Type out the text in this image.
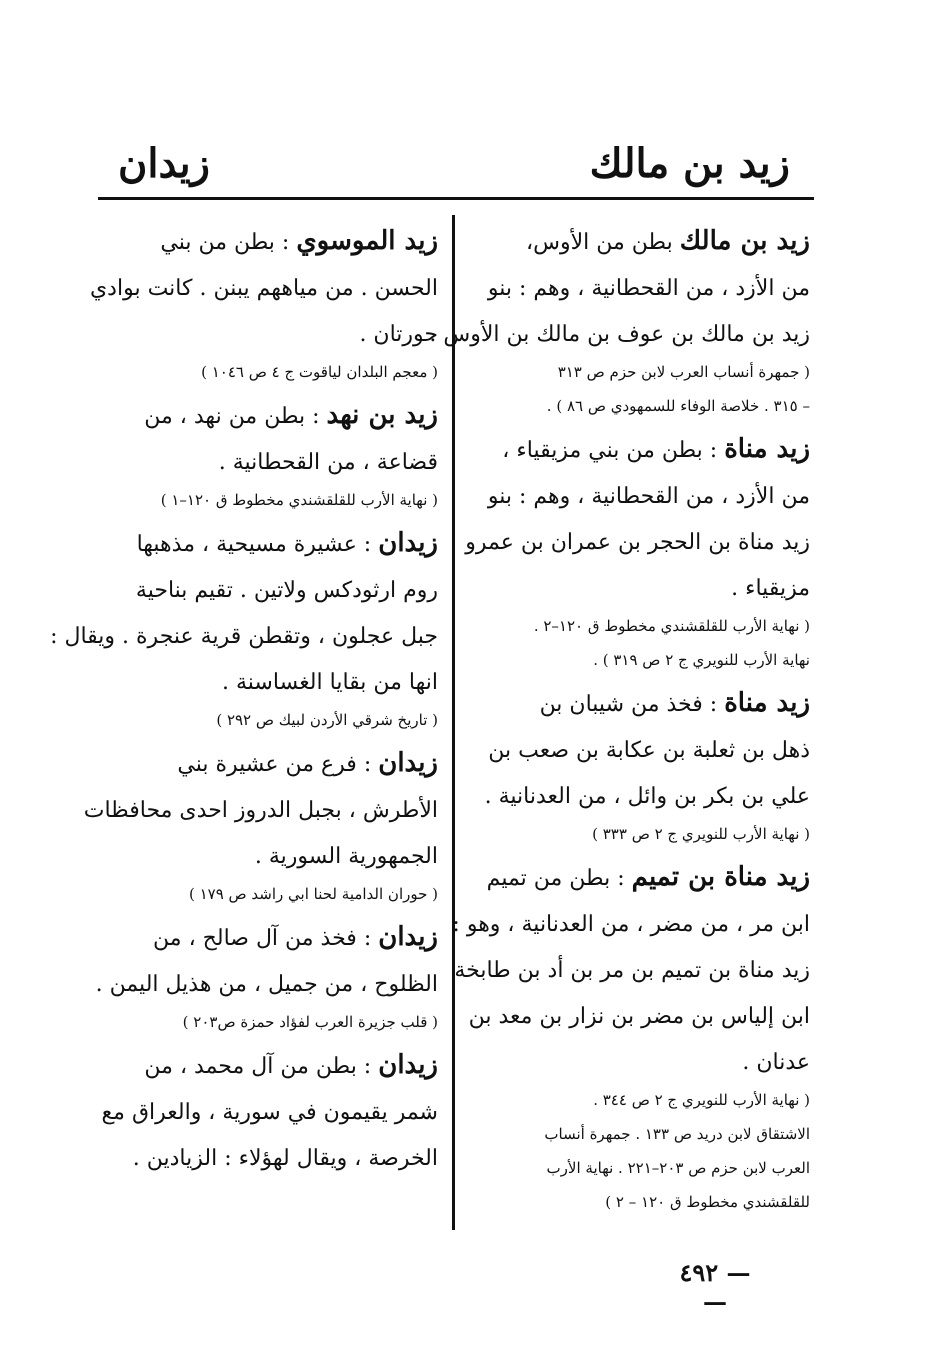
زيد بن مالك
زيدان
زيد بن مالك بطن من الأوس،
من الأزد ، من القحطانية ، وهم : بنو
زيد بن مالك بن عوف بن مالك بن الأوس .
( جمهرة أنساب العرب لابن حزم ص ٣١٣
– ٣١٥ . خلاصة الوفاء للسمهودي ص ٨٦ ) .
زيد مناة : بطن من بني مزيقياء ،
من الأزد ، من القحطانية ، وهم : بنو
زيد مناة بن الحجر بن عمران بن عمرو
مزيقياء .
( نهاية الأرب للقلقشندي مخطوط ق ١٢٠–٢ .
نهاية الأرب للنويري ج ٢ ص ٣١٩ ) .
زيد مناة : فخذ من شيبان بن
ذهل بن ثعلبة بن عكابة بن صعب بن
علي بن بكر بن وائل ، من العدنانية .
( نهاية الأرب للنويري ج ٢ ص ٣٣٣ )
زيد مناة بن تميم : بطن من تميم
ابن مر ، من مضر ، من العدنانية ، وهو :
زيد مناة بن تميم بن مر بن أد بن طابخة
ابن إلياس بن مضر بن نزار بن معد بن
عدنان .
( نهاية الأرب للنويري ج ٢ ص ٣٤٤ .
الاشتقاق لابن دريد ص ١٣٣ . جمهرة أنساب
العرب لابن حزم ص ٢٠٣–٢٢١ . نهاية الأرب
للقلقشندي مخطوط ق ١٢٠ – ٢ )
زيد الموسوي : بطن من بني
الحسن . من مياههم يبنن . كانت بوادي
حورتان .
( معجم البلدان لياقوت ج ٤ ص ١٠٤٦ )
زيد بن نهد : بطن من نهد ، من
قضاعة ، من القحطانية .
( نهاية الأرب للقلقشندي مخطوط ق ١٢٠–١ )
زيدان : عشيرة مسيحية ، مذهبها
روم ارثودكس ولاتين . تقيم بناحية
جبل عجلون ، وتقطن قرية عنجرة . ويقال :
انها من بقايا الغساسنة .
( تاريخ شرقي الأردن لبيك ص ٢٩٢ )
زيدان : فرع من عشيرة بني
الأطرش ، بجبل الدروز احدى محافظات
الجمهورية السورية .
( حوران الدامية لحنا ابي راشد ص ١٧٩ )
زيدان : فخذ من آل صالح ، من
الظلوح ، من جميل ، من هذيل اليمن .
( قلب جزيرة العرب لفؤاد حمزة ص٢٠٣ )
زيدان : بطن من آل محمد ، من
شمر يقيمون في سورية ، والعراق مع
الخرصة ، ويقال لهؤلاء : الزيادين .
— ٤٩٢ —
